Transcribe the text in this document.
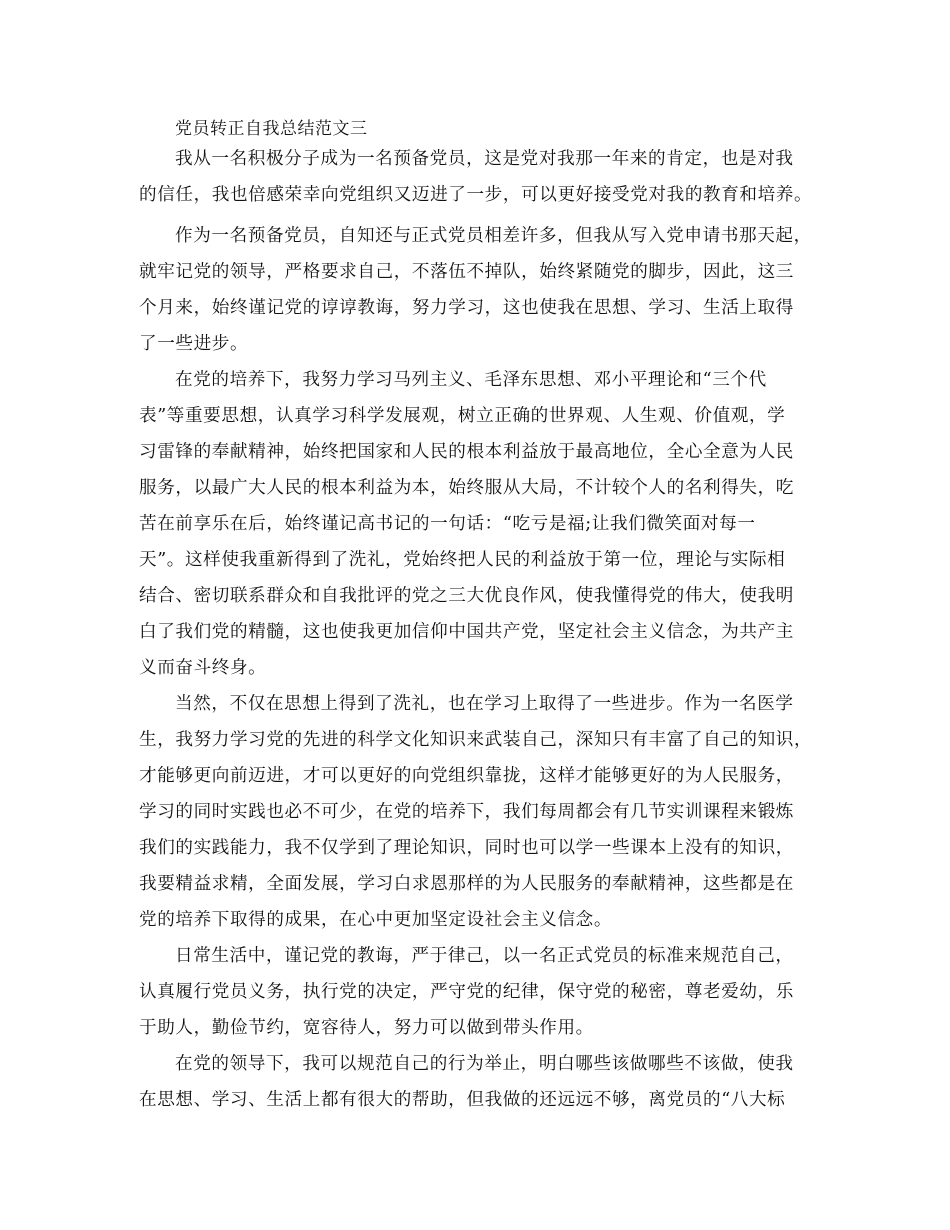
党员转正自我总结范文三
我从一名积极分子成为一名预备党员，这是党对我那一年来的肯定，也是对我
的信任，我也倍感荣幸向党组织又迈进了一步，可以更好接受党对我的教育和培养。
作为一名预备党员，自知还与正式党员相差许多，但我从写入党申请书那天起，
就牢记党的领导，严格要求自己，不落伍不掉队，始终紧随党的脚步，因此，这三
个月来，始终谨记党的谆谆教诲，努力学习，这也使我在思想、学习、生活上取得
了一些进步。
在党的培养下，我努力学习马列主义、毛泽东思想、邓小平理论和“三个代
表”等重要思想，认真学习科学发展观，树立正确的世界观、人生观、价值观，学
习雷锋的奉献精神，始终把国家和人民的根本利益放于最高地位，全心全意为人民
服务，以最广大人民的根本利益为本，始终服从大局，不计较个人的名利得失，吃
苦在前享乐在后，始终谨记高书记的一句话：“吃亏是福;让我们微笑面对每一
天”。这样使我重新得到了洗礼，党始终把人民的利益放于第一位，理论与实际相
结合、密切联系群众和自我批评的党之三大优良作风，使我懂得党的伟大，使我明
白了我们党的精髓，这也使我更加信仰中国共产党，坚定社会主义信念，为共产主
义而奋斗终身。
当然，不仅在思想上得到了洗礼，也在学习上取得了一些进步。作为一名医学
生，我努力学习党的先进的科学文化知识来武装自己，深知只有丰富了自己的知识，
才能够更向前迈进，才可以更好的向党组织靠拢，这样才能够更好的为人民服务，
学习的同时实践也必不可少，在党的培养下，我们每周都会有几节实训课程来锻炼
我们的实践能力，我不仅学到了理论知识，同时也可以学一些课本上没有的知识，
我要精益求精，全面发展，学习白求恩那样的为人民服务的奉献精神，这些都是在
党的培养下取得的成果，在心中更加坚定设社会主义信念。
日常生活中，谨记党的教诲，严于律己，以一名正式党员的标准来规范自己，
认真履行党员义务，执行党的决定，严守党的纪律，保守党的秘密，尊老爱幼，乐
于助人，勤俭节约，宽容待人，努力可以做到带头作用。
在党的领导下，我可以规范自己的行为举止，明白哪些该做哪些不该做，使我
在思想、学习、生活上都有很大的帮助，但我做的还远远不够，离党员的“八大标
